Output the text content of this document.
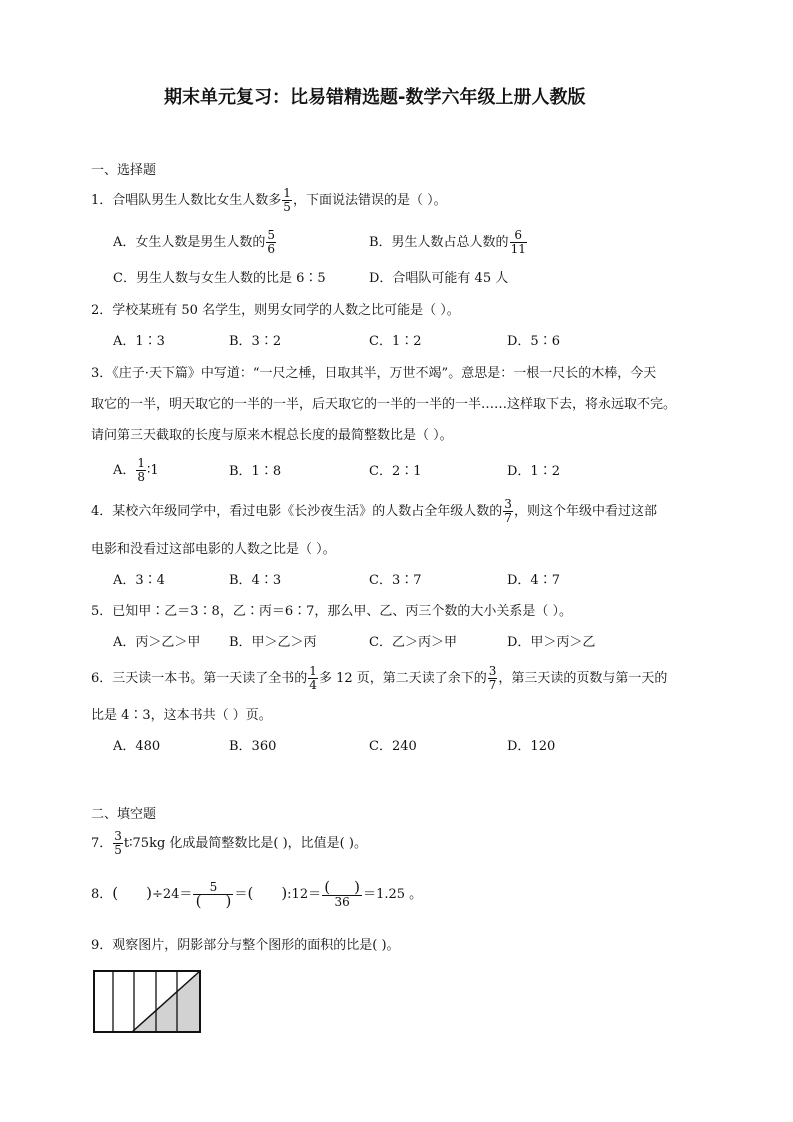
期末单元复习：比易错精选题-数学六年级上册人教版
一、选择题
1．合唱队男生人数比女生人数多 $\frac{1}{5}$ ，下面说法错误的是（ ）。
A．女生人数是男生人数的 $\frac{5}{6}$	B．男生人数占总人数的 $\frac{6}{11}$
C．男生人数与女生人数的比是 6∶5	D．合唱队可能有 45 人
2．学校某班有 50 名学生，则男女同学的人数之比可能是（ ）。
A．1∶3	B．3∶2	C．1∶2	D．5∶6
3．《庄子·天下篇》中写道：“一尺之棰，日取其半，万世不竭”。意思是：一根一尺长的木棒，今天
取它的一半，明天取它的一半的一半，后天取它的一半的一半的一半……这样取下去，将永远取不完。
请问第三天截取的长度与原来木棍总长度的最简整数比是（ ）。
A． $\frac{1}{8}$ ∶1	B．1∶8	C．2∶1	D．1∶2
4．某校六年级同学中，看过电影《长沙夜生活》的人数占全年级人数的 $\frac{3}{7}$ ，则这个年级中看过这部
电影和没看过这部电影的人数之比是（ ）。
A．3∶4	B．4∶3	C．3∶7	D．4∶7
5．已知甲∶乙＝3∶8，乙∶丙＝6∶7，那么甲、乙、丙三个数的大小关系是（ ）。
A．丙＞乙＞甲 B．甲＞乙＞丙	C．乙＞丙＞甲	D．甲＞丙＞乙
6．三天读一本书。第一天读了全书的 $\frac{1}{4}$ 多 12 页，第二天读了余下的 $\frac{3}{7}$ ，第三天读的页数与第一天的
比是 4∶3，这本书共（ ）页。
A．480	B．360	C．240	D．120
二、填空题
7． $\frac{3}{5}$ t∶75kg 化成最简整数比是( )，比值是( )。
8．( )$\div 24= \frac{5}{( )}$ ＝( ):12＝ $\frac{( )}{36} =1.25$ 。
9．观察图片，阴影部分与整个图形的面积的比是( )。
